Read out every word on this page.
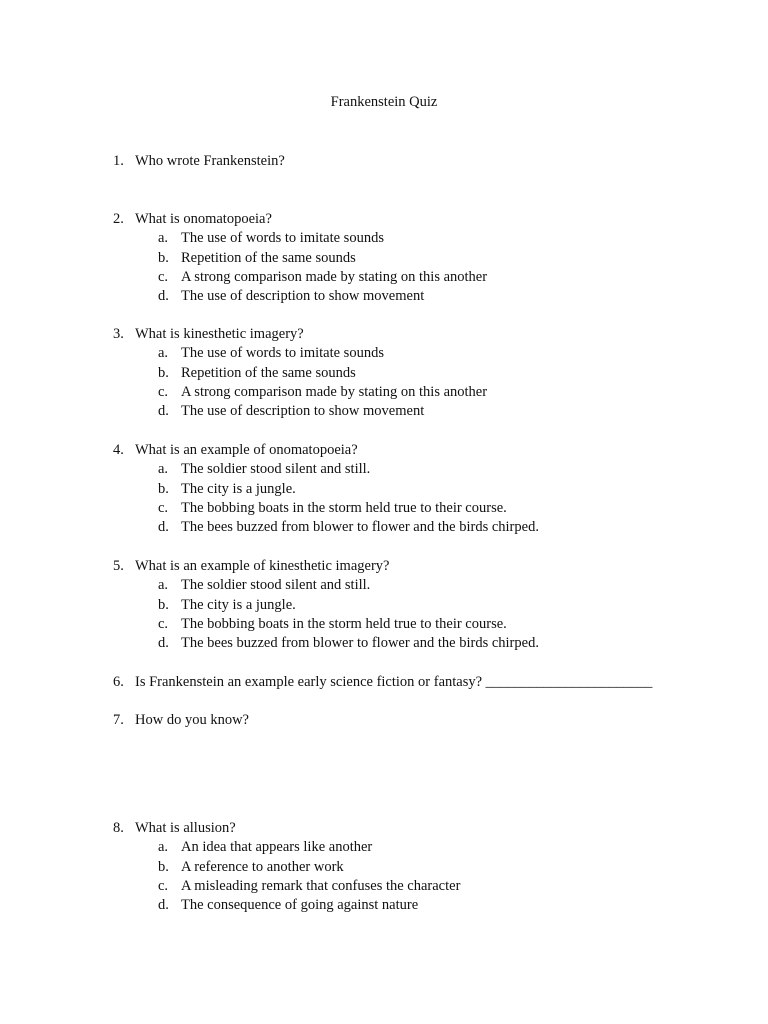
Frankenstein Quiz
1. Who wrote Frankenstein?
2. What is onomatopoeia?
a. The use of words to imitate sounds
b. Repetition of the same sounds
c. A strong comparison made by stating on this another
d. The use of description to show movement
3. What is kinesthetic imagery?
a. The use of words to imitate sounds
b. Repetition of the same sounds
c. A strong comparison made by stating on this another
d. The use of description to show movement
4. What is an example of onomatopoeia?
a. The soldier stood silent and still.
b. The city is a jungle.
c. The bobbing boats in the storm held true to their course.
d. The bees buzzed from blower to flower and the birds chirped.
5. What is an example of kinesthetic imagery?
a. The soldier stood silent and still.
b. The city is a jungle.
c. The bobbing boats in the storm held true to their course.
d. The bees buzzed from blower to flower and the birds chirped.
6. Is Frankenstein an example early science fiction or fantasy? _______________________
7. How do you know?
8. What is allusion?
a. An idea that appears like another
b. A reference to another work
c. A misleading remark that confuses the character
d. The consequence of going against nature
